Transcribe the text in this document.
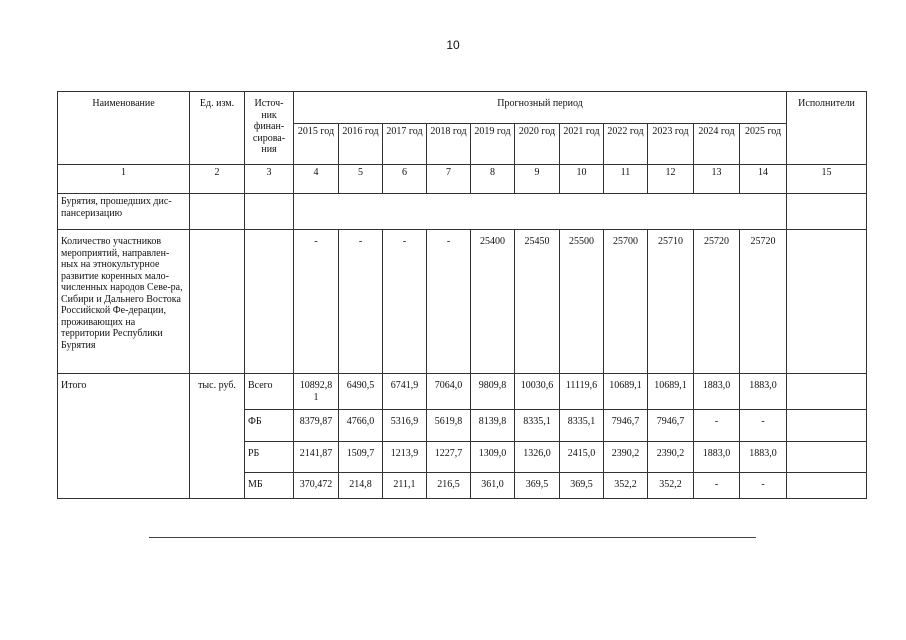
10
Наименование	Ед. изм.	Источ-ник финан-сирова-ния	Прогнозный период											Исполнители
			2015 год	2016 год	2017 год	2018 год	2019 год	2020 год	2021 год	2022 год	2023 год	2024 год	2025 год	
1	2	3	4	5	6	7	8	9	10	11	12	13	14	15
Бурятия, прошедших дис-пансеризацию														
Количество участников мероприятий, направлен-ных на этнокультурное развитие коренных мало-численных народов Севе-ра, Сибири и Дальнего Востока Российской Фе-дерации, проживающих на территории Республики Бурятия			-	-	-	-	25400	25450	25500	25700	25710	25720	25720	
Итого	тыс. руб.	Всего	10892,8 1	6490,5	6741,9	7064,0	9809,8	10030,6	11119,6	10689,1	10689,1	1883,0	1883,0	
		ФБ	8379,87	4766,0	5316,9	5619,8	8139,8	8335,1	8335,1	7946,7	7946,7	-	-	
		РБ	2141,87	1509,7	1213,9	1227,7	1309,0	1326,0	2415,0	2390,2	2390,2	1883,0	1883,0	
		МБ	370,472	214,8	211,1	216,5	361,0	369,5	369,5	352,2	352,2	-	-	
